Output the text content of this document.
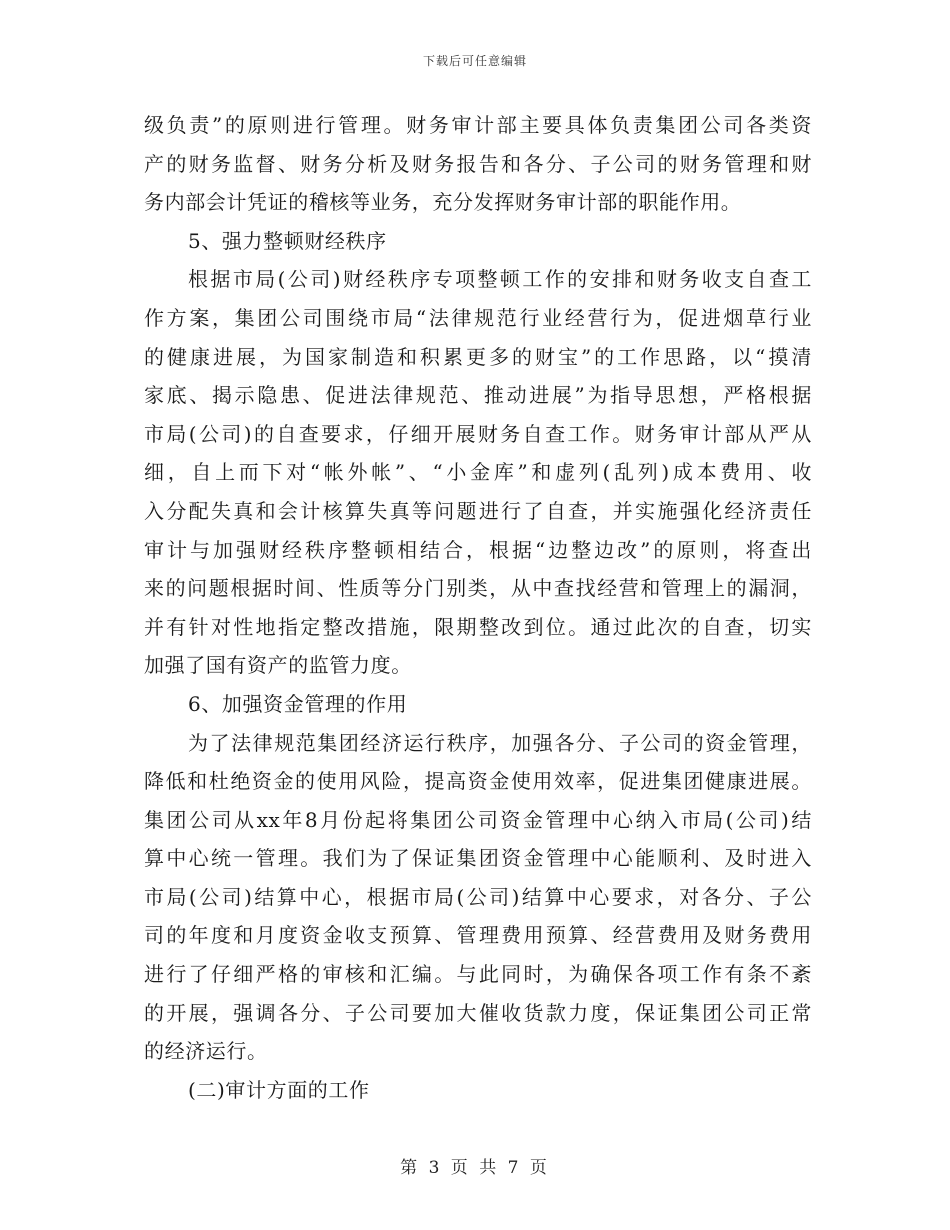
下载后可任意编辑
级负责”的原则进行管理。财务审计部主要具体负责集团公司各类资
产的财务监督、财务分析及财务报告和各分、子公司的财务管理和财
务内部会计凭证的稽核等业务，充分发挥财务审计部的职能作用。
5、强力整顿财经秩序
根据市局(公司)财经秩序专项整顿工作的安排和财务收支自查工
作方案，集团公司围绕市局“法律规范行业经营行为，促进烟草行业
的健康进展，为国家制造和积累更多的财宝”的工作思路，以“摸清
家底、揭示隐患、促进法律规范、推动进展”为指导思想，严格根据
市局(公司)的自查要求，仔细开展财务自查工作。财务审计部从严从
细，自上而下对“帐外帐”、“小金库”和虚列(乱列)成本费用、收
入分配失真和会计核算失真等问题进行了自查，并实施强化经济责任
审计与加强财经秩序整顿相结合，根据“边整边改”的原则，将查出
来的问题根据时间、性质等分门别类，从中查找经营和管理上的漏洞，
并有针对性地指定整改措施，限期整改到位。通过此次的自查，切实
加强了国有资产的监管力度。
6、加强资金管理的作用
为了法律规范集团经济运行秩序，加强各分、子公司的资金管理，
降低和杜绝资金的使用风险，提高资金使用效率，促进集团健康进展。
集团公司从xx年8月份起将集团公司资金管理中心纳入市局(公司)结
算中心统一管理。我们为了保证集团资金管理中心能顺利、及时进入
市局(公司)结算中心，根据市局(公司)结算中心要求，对各分、子公
司的年度和月度资金收支预算、管理费用预算、经营费用及财务费用
进行了仔细严格的审核和汇编。与此同时，为确保各项工作有条不紊
的开展，强调各分、子公司要加大催收货款力度，保证集团公司正常
的经济运行。
(二)审计方面的工作
第 3 页 共 7 页
